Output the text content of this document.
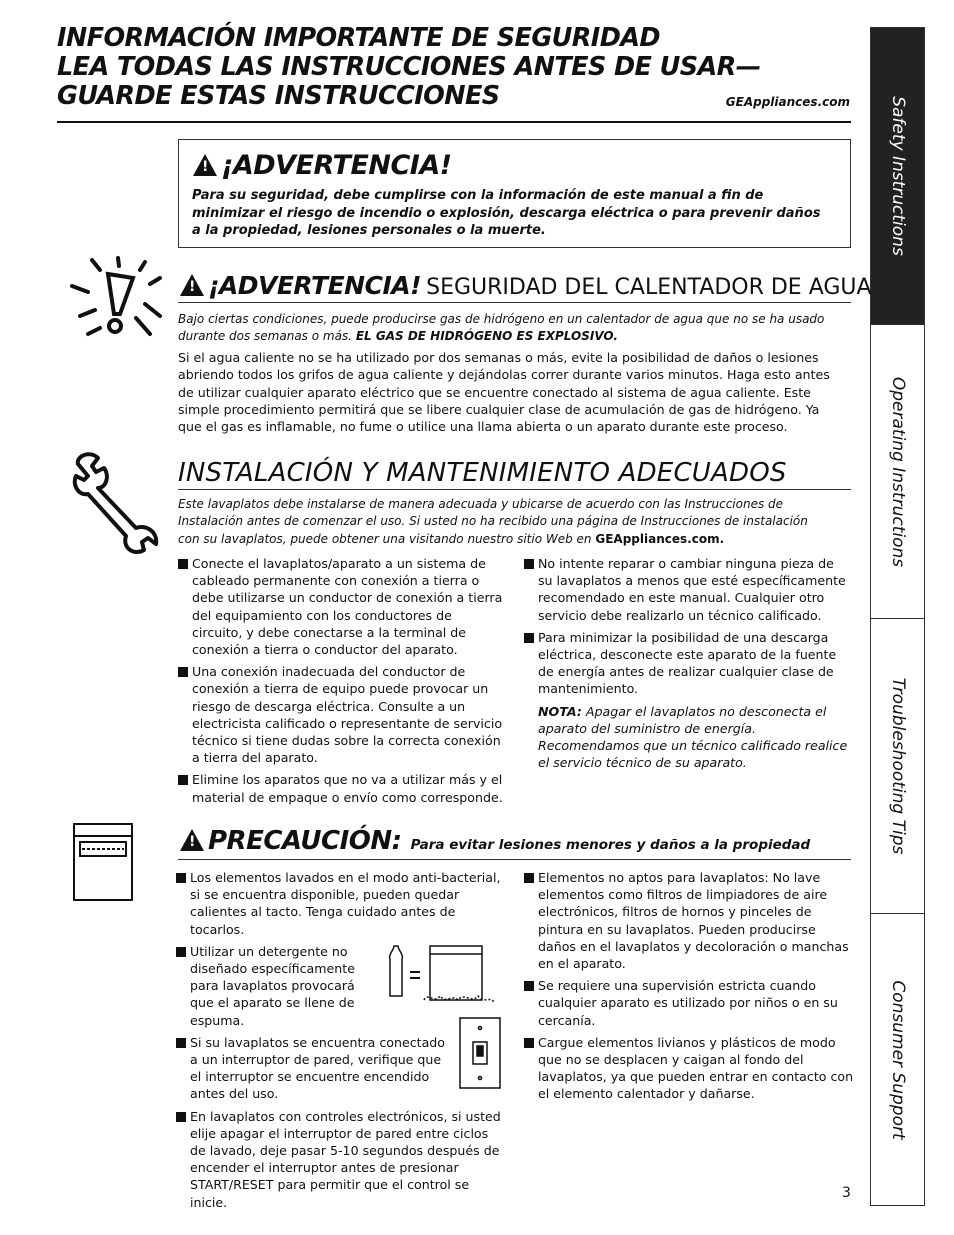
INFORMACIÓN IMPORTANTE DE SEGURIDAD
LEA TODAS LAS INSTRUCCIONES ANTES DE USAR—
GUARDE ESTAS INSTRUCCIONES	GEAppliances.com Safety Instructions
Operating Instructions
Troubleshooting Tips
Consumer Support
!¡ADVERTENCIA!
Para su seguridad, debe cumplirse con la información de este manual a fin de minimizar el riesgo de incendio o explosión, descarga eléctrica o para prevenir daños a la propiedad, lesiones personales o la muerte.
!¡ADVERTENCIA! SEGURIDAD DEL CALENTADOR DE AGUA
Bajo ciertas condiciones, puede producirse gas de hidrógeno en un calentador de agua que no se ha usado durante dos semanas o más. EL GAS DE HIDRÓGENO ES EXPLOSIVO.
Si el agua caliente no se ha utilizado por dos semanas o más, evite la posibilidad de daños o lesiones abriendo todos los grifos de agua caliente y dejándolas correr durante varios minutos. Haga esto antes de utilizar cualquier aparato eléctrico que se encuentre conectado al sistema de agua caliente. Este simple procedimiento permitirá que se libere cualquier clase de acumulación de gas de hidrógeno. Ya que el gas es inflamable, no fume o utilice una llama abierta o un aparato durante este proceso.
INSTALACIÓN Y MANTENIMIENTO ADECUADOS
Este lavaplatos debe instalarse de manera adecuada y ubicarse de acuerdo con las Instrucciones de Instalación antes de comenzar el uso. Si usted no ha recibido una página de Instrucciones de instalación con su lavaplatos, puede obtener una visitando nuestro sitio Web en GEAppliances.com.
Conecte el lavaplatos/aparato a un sistema de cableado permanente con conexión a tierra o debe utilizarse un conductor de conexión a tierra del equipamiento con los conductores de circuito, y debe conectarse a la terminal de conexión a tierra o conductor del aparato.
Una conexión inadecuada del conductor de conexión a tierra de equipo puede provocar un riesgo de descarga eléctrica. Consulte a un electricista calificado o representante de servicio técnico si tiene dudas sobre la correcta conexión a tierra del aparato.
Elimine los aparatos que no va a utilizar más y el material de empaque o envío como corresponde.
No intente reparar o cambiar ninguna pieza de su lavaplatos a menos que esté específicamente recomendado en este manual. Cualquier otro servicio debe realizarlo un técnico calificado.
Para minimizar la posibilidad de una descarga eléctrica, desconecte este aparato de la fuente de energía antes de realizar cualquier clase de mantenimiento.
NOTA: Apagar el lavaplatos no desconecta el aparato del suministro de energía. Recomendamos que un técnico calificado realice el servicio técnico de su aparato.
!PRECAUCIÓN: Para evitar lesiones menores y daños a la propiedad
Los elementos lavados en el modo anti-bacterial, si se encuentra disponible, pueden quedar calientes al tacto. Tenga cuidado antes de tocarlos.
Utilizar un detergente no diseñado específicamente para lavaplatos provocará que el aparato se llene de espuma.
Si su lavaplatos se encuentra conectado a un interruptor de pared, verifique que el interruptor se encuentre encendido antes del uso.
En lavaplatos con controles electrónicos, si usted elije apagar el interruptor de pared entre ciclos de lavado, deje pasar 5-10 segundos después de encender el interruptor antes de presionar START/RESET para permitir que el control se inicie.
Elementos no aptos para lavaplatos: No lave elementos como filtros de limpiadores de aire electrónicos, filtros de hornos y pinceles de pintura en su lavaplatos. Pueden producirse daños en el lavaplatos y decoloración o manchas en el aparato.
Se requiere una supervisión estricta cuando cualquier aparato es utilizado por niños o en su cercanía.
Cargue elementos livianos y plásticos de modo que no se desplacen y caigan al fondo del lavaplatos, ya que pueden entrar en contacto con el elemento calentador y dañarse.
3
